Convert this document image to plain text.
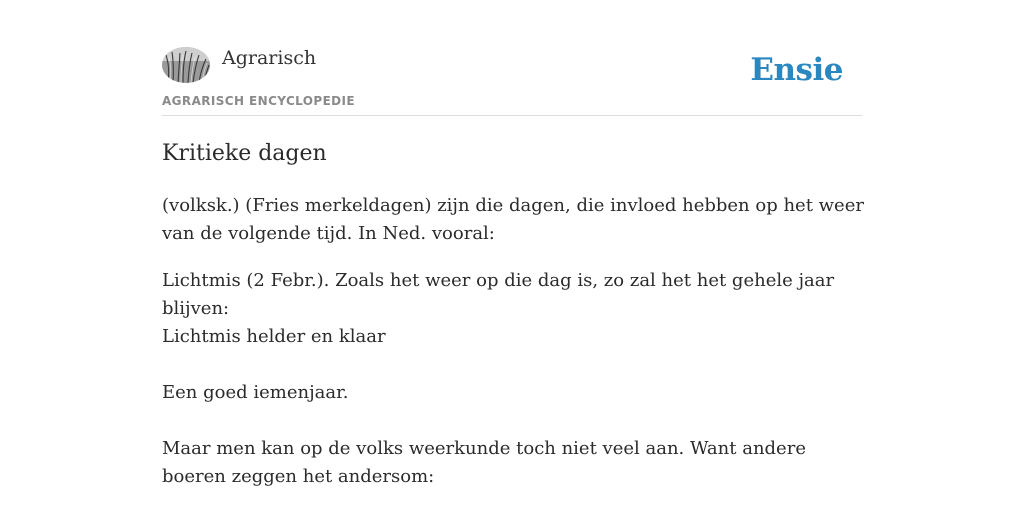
Agrarisch
AGRARISCH ENCYCLOPEDIE
Ensie
Kritieke dagen

(volksk.) (Fries merkeldagen) zijn die dagen, die invloed hebben op het weer van de volgende tijd. In Ned. vooral:

Lichtmis (2 Febr.). Zoals het weer op die dag is, zo zal het het gehele jaar blijven:

Lichtmis helder en klaar

Een goed iemenjaar.

Maar men kan op de volks weerkunde toch niet veel aan. Want andere boeren zeggen het andersom:
